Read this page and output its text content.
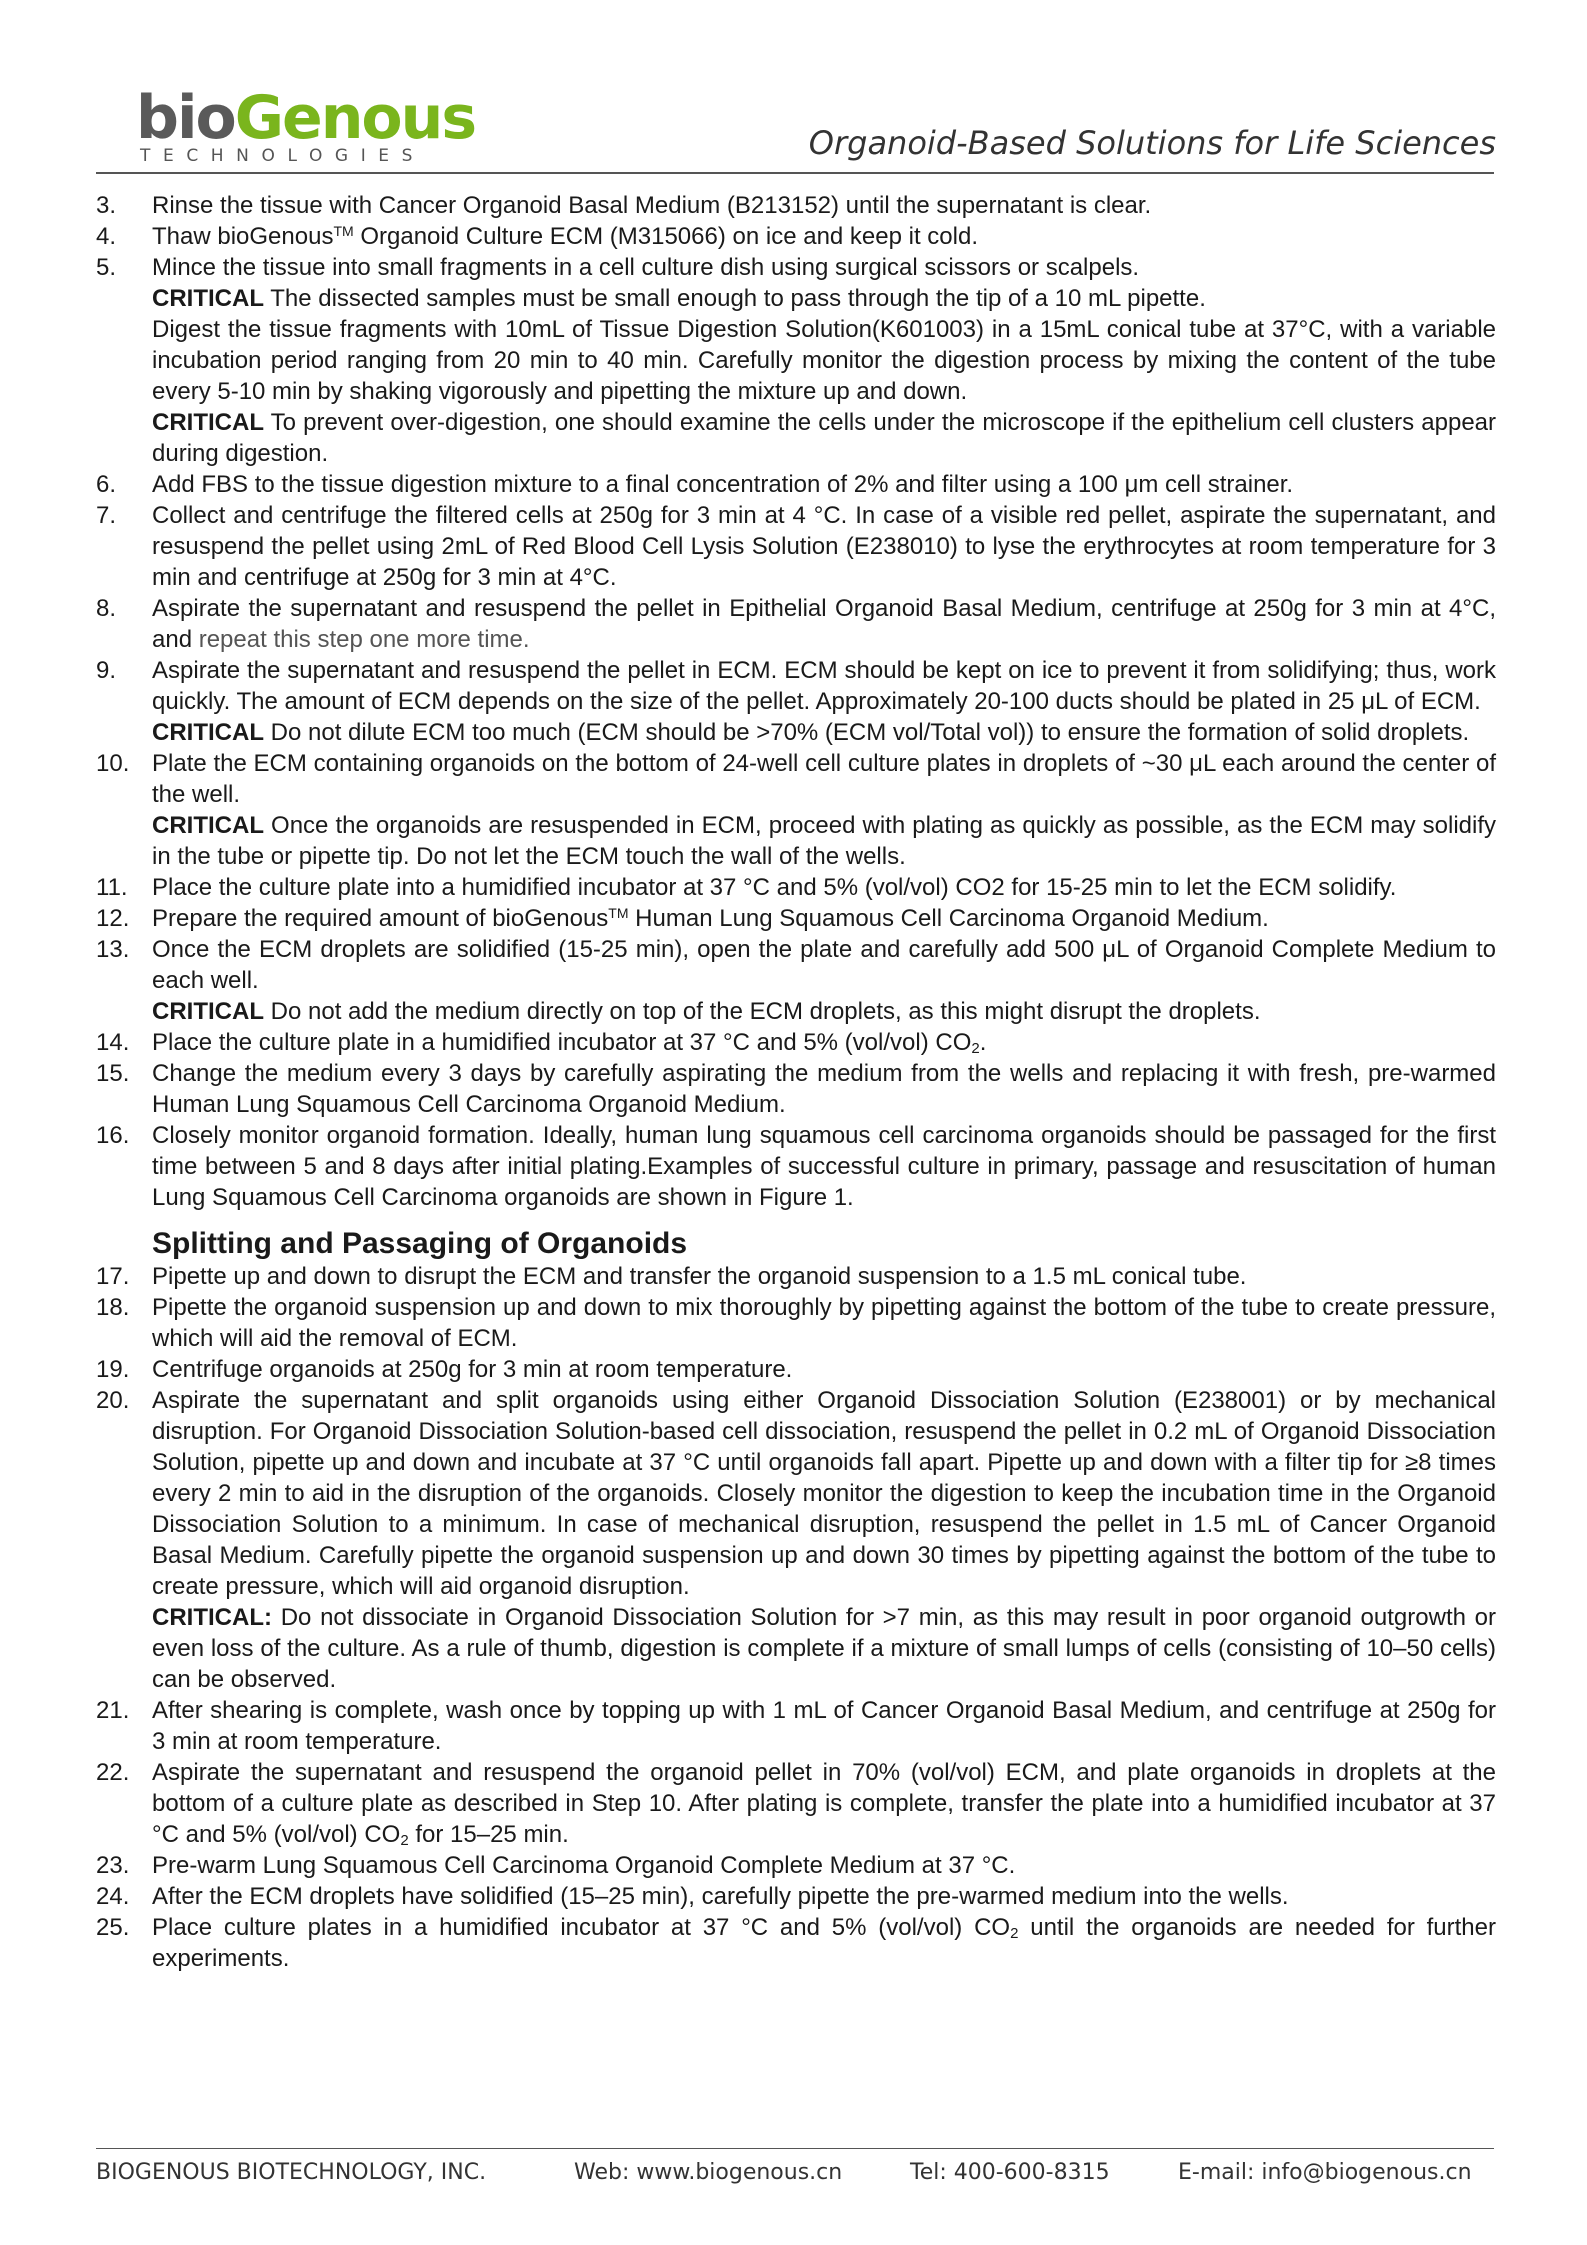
bioGenous
TECHNOLOGIES	Organoid-Based Solutions for Life Sciences
3.	Rinse the tissue with Cancer Organoid Basal Medium (B213152) until the supernatant is clear.
4.	Thaw bioGenous™ Organoid Culture ECM (M315066) on ice and keep it cold.
5.	Mince the tissue into small fragments in a cell culture dish using surgical scissors or scalpels.
CRITICAL The dissected samples must be small enough to pass through the tip of a 10 mL pipette.
Digest the tissue fragments with 10mL of Tissue Digestion Solution(K601003) in a 15mL conical tube at 37°C, with a variable incubation period ranging from 20 min to 40 min. Carefully monitor the digestion process by mixing the content of the tube every 5-10 min by shaking vigorously and pipetting the mixture up and down.
CRITICAL To prevent over-digestion, one should examine the cells under the microscope if the epithelium cell clusters appear during digestion.
6.	Add FBS to the tissue digestion mixture to a final concentration of 2% and filter using a 100 μm cell strainer.
7.	Collect and centrifuge the filtered cells at 250g for 3 min at 4 °C. In case of a visible red pellet, aspirate the supernatant, and resuspend the pellet using 2mL of Red Blood Cell Lysis Solution (E238010) to lyse the erythrocytes at room temperature for 3 min and centrifuge at 250g for 3 min at 4°C.
8.	Aspirate the supernatant and resuspend the pellet in Epithelial Organoid Basal Medium, centrifuge at 250g for 3 min at 4°C, and repeat this step one more time.
9.	Aspirate the supernatant and resuspend the pellet in ECM. ECM should be kept on ice to prevent it from solidifying; thus, work quickly. The amount of ECM depends on the size of the pellet. Approximately 20-100 ducts should be plated in 25 μL of ECM.
CRITICAL Do not dilute ECM too much (ECM should be >70% (ECM vol/Total vol)) to ensure the formation of solid droplets.
10. Plate the ECM containing organoids on the bottom of 24-well cell culture plates in droplets of ~30 μL each around the center of the well.
CRITICAL Once the organoids are resuspended in ECM, proceed with plating as quickly as possible, as the ECM may solidify in the tube or pipette tip. Do not let the ECM touch the wall of the wells.
11.	Place the culture plate into a humidified incubator at 37 °C and 5% (vol/vol) CO2 for 15-25 min to let the ECM solidify.
12. Prepare the required amount of bioGenous™ Human Lung Squamous Cell Carcinoma Organoid Medium.
13. Once the ECM droplets are solidified (15-25 min), open the plate and carefully add 500 μL of Organoid Complete Medium to each well.
CRITICAL Do not add the medium directly on top of the ECM droplets, as this might disrupt the droplets.
14. Place the culture plate in a humidified incubator at 37 °C and 5% (vol/vol) $CO_2$.
15. Change the medium every 3 days by carefully aspirating the medium from the wells and replacing it with fresh, pre-warmed Human Lung Squamous Cell Carcinoma Organoid Medium.
16. Closely monitor organoid formation. Ideally, human lung squamous cell carcinoma organoids should be passaged for the first time between 5 and 8 days after initial plating.Examples of successful culture in primary, passage and resuscitation of human Lung Squamous Cell Carcinoma organoids are shown in Figure 1.
Splitting and Passaging of Organoids
17. Pipette up and down to disrupt the ECM and transfer the organoid suspension to a 1.5 mL conical tube.
18. Pipette the organoid suspension up and down to mix thoroughly by pipetting against the bottom of the tube to create pressure, which will aid the removal of ECM.
19. Centrifuge organoids at 250g for 3 min at room temperature.
20. Aspirate the supernatant and split organoids using either Organoid Dissociation Solution (E238001) or by mechanical disruption. For Organoid Dissociation Solution-based cell dissociation, resuspend the pellet in 0.2 mL of Organoid Dissociation Solution, pipette up and down and incubate at 37 °C until organoids fall apart. Pipette up and down with a filter tip for ≥8 times every 2 min to aid in the disruption of the organoids. Closely monitor the digestion to keep the incubation time in the Organoid Dissociation Solution to a minimum. In case of mechanical disruption, resuspend the pellet in 1.5 mL of Cancer Organoid Basal Medium. Carefully pipette the organoid suspension up and down 30 times by pipetting against the bottom of the tube to create pressure, which will aid organoid disruption.
CRITICAL: Do not dissociate in Organoid Dissociation Solution for >7 min, as this may result in poor organoid outgrowth or even loss of the culture. As a rule of thumb, digestion is complete if a mixture of small lumps of cells (consisting of 10–50 cells) can be observed.
21. After shearing is complete, wash once by topping up with 1 mL of Cancer Organoid Basal Medium, and centrifuge at 250g for 3 min at room temperature.
22. Aspirate the supernatant and resuspend the organoid pellet in 70% (vol/vol) ECM, and plate organoids in droplets at the bottom of a culture plate as described in Step 10. After plating is complete, transfer the plate into a humidified incubator at 37 °C and 5% (vol/vol) $CO_2$ for 15–25 min.
23. Pre-warm Lung Squamous Cell Carcinoma Organoid Complete Medium at 37 °C.
24. After the ECM droplets have solidified (15–25 min), carefully pipette the pre-warmed medium into the wells.
25. Place culture plates in a humidified incubator at 37 °C and 5% (vol/vol) $CO_2$ until the organoids are needed for further experiments.
BIOGENOUS BIOTECHNOLOGY, INC.	Web: www.biogenous.cn	Tel: 400-600-8315	E-mail: info@biogenous.cn
